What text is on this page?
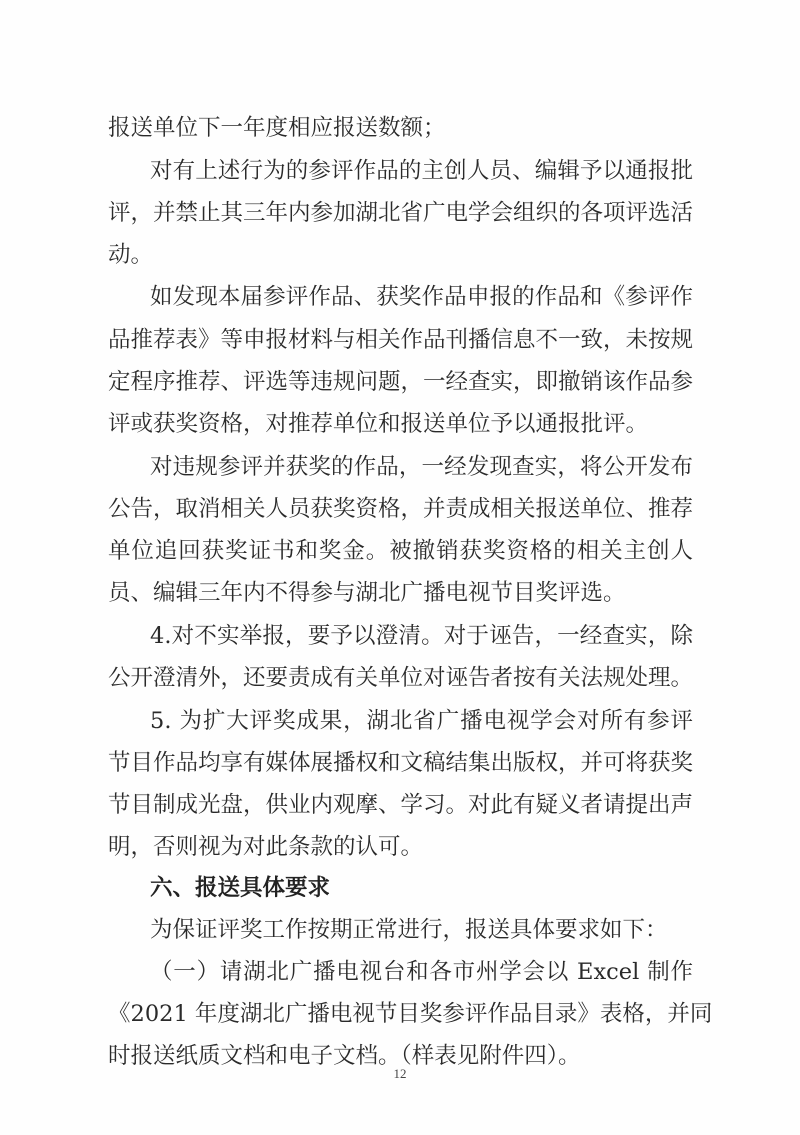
报送单位下一年度相应报送数额；
对有上述行为的参评作品的主创人员、编辑予以通报批
评，并禁止其三年内参加湖北省广电学会组织的各项评选活
动。
如发现本届参评作品、获奖作品申报的作品和《参评作
品推荐表》等申报材料与相关作品刊播信息不一致，未按规
定程序推荐、评选等违规问题，一经查实，即撤销该作品参
评或获奖资格，对推荐单位和报送单位予以通报批评。
对违规参评并获奖的作品，一经发现查实，将公开发布
公告，取消相关人员获奖资格，并责成相关报送单位、推荐
单位追回获奖证书和奖金。被撤销获奖资格的相关主创人
员、编辑三年内不得参与湖北广播电视节目奖评选。
4.对不实举报，要予以澄清。对于诬告，一经查实，除
公开澄清外，还要责成有关单位对诬告者按有关法规处理。
5. 为扩大评奖成果，湖北省广播电视学会对所有参评
节目作品均享有媒体展播权和文稿结集出版权，并可将获奖
节目制成光盘，供业内观摩、学习。对此有疑义者请提出声
明，否则视为对此条款的认可。
六、报送具体要求
为保证评奖工作按期正常进行，报送具体要求如下：
（一）请湖北广播电视台和各市州学会以 Excel 制作
《2021 年度湖北广播电视节目奖参评作品目录》表格，并同
时报送纸质文档和电子文档。（样表见附件四）。
12
